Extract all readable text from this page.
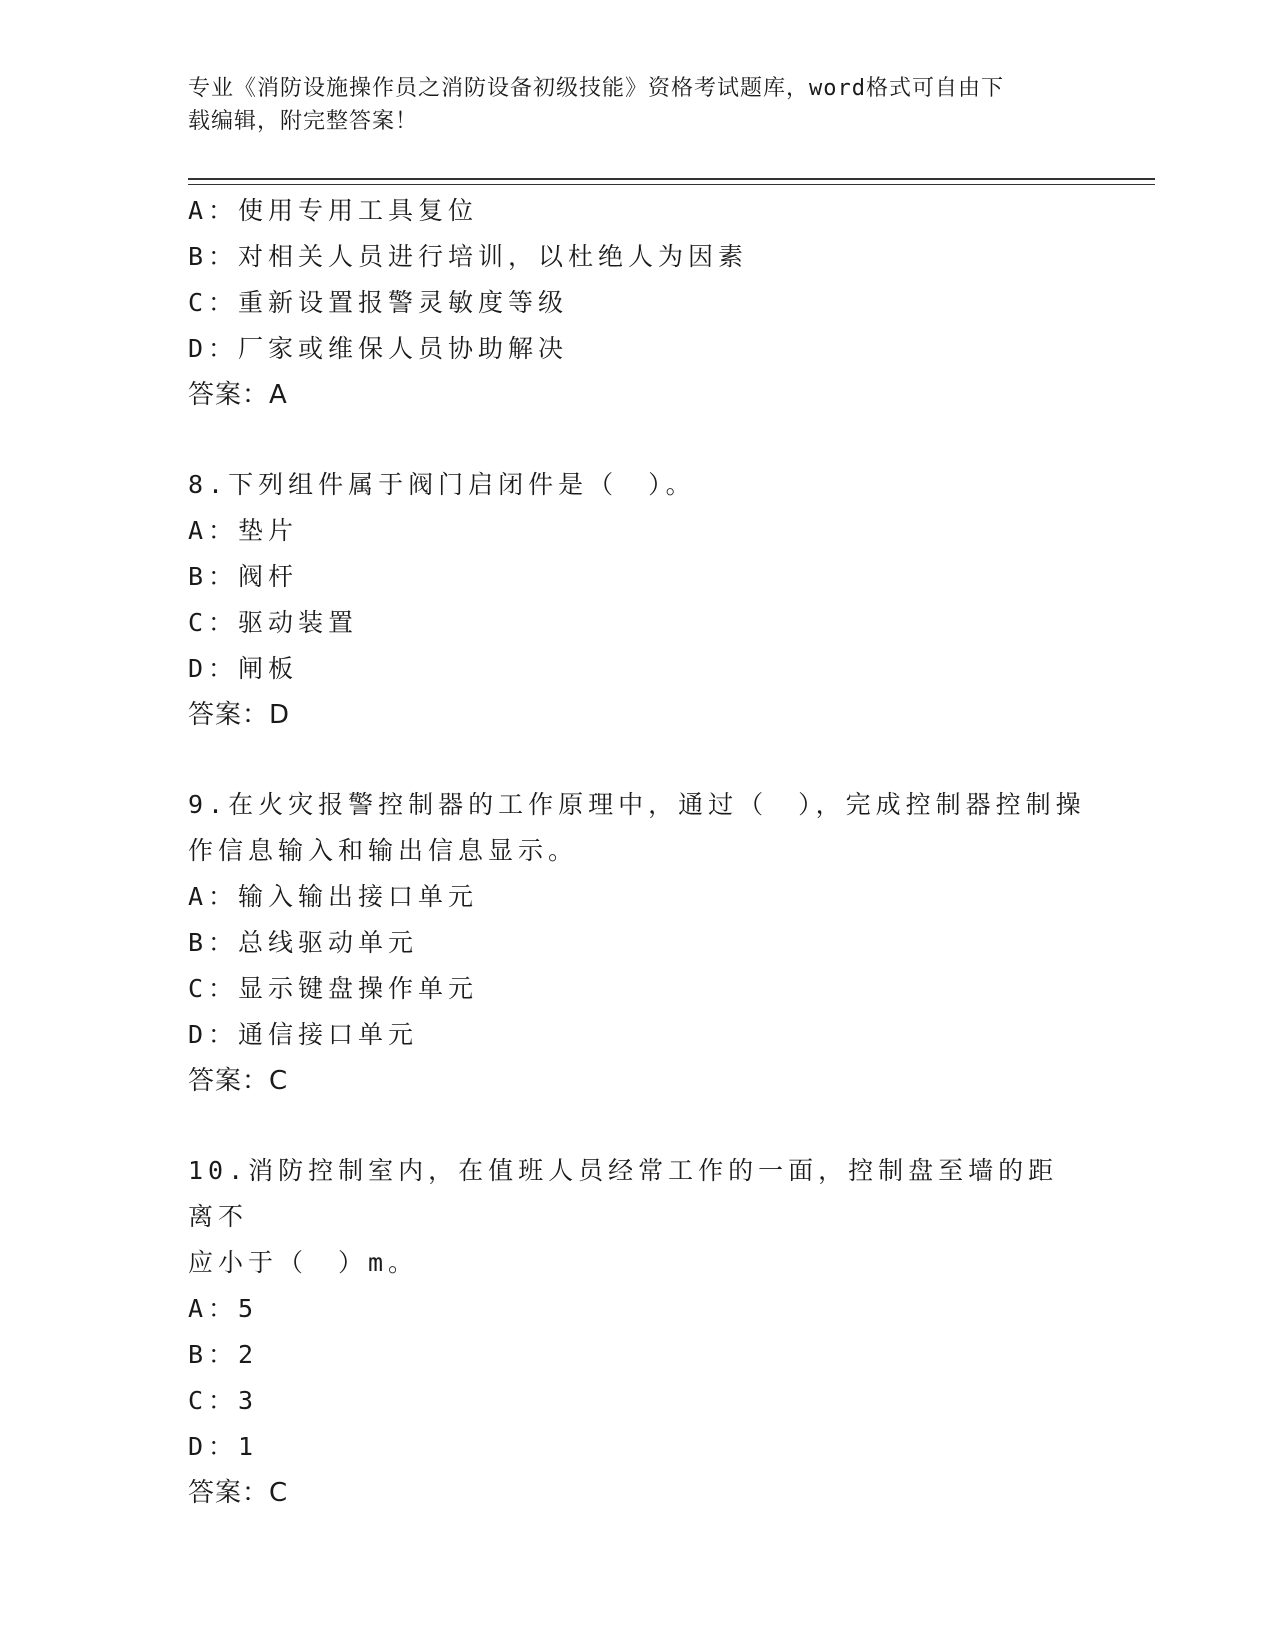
专业《消防设施操作员之消防设备初级技能》资格考试题库，word格式可自由下
载编辑，附完整答案！
A：使用专用工具复位
B：对相关人员进行培训，以杜绝人为因素
C：重新设置报警灵敏度等级
D：厂家或维保人员协助解决
答案：A
8.下列组件属于阀门启闭件是（　）。
A：垫片
B：阀杆
C：驱动装置
D：闸板
答案：D
9.在火灾报警控制器的工作原理中，通过（　），完成控制器控制操
作信息输入和输出信息显示。
A：输入输出接口单元
B：总线驱动单元
C：显示键盘操作单元
D：通信接口单元
答案：C
10.消防控制室内，在值班人员经常工作的一面，控制盘至墙的距离不
应小于（　）m。
A：5
B：2
C：3
D：1
答案：C
